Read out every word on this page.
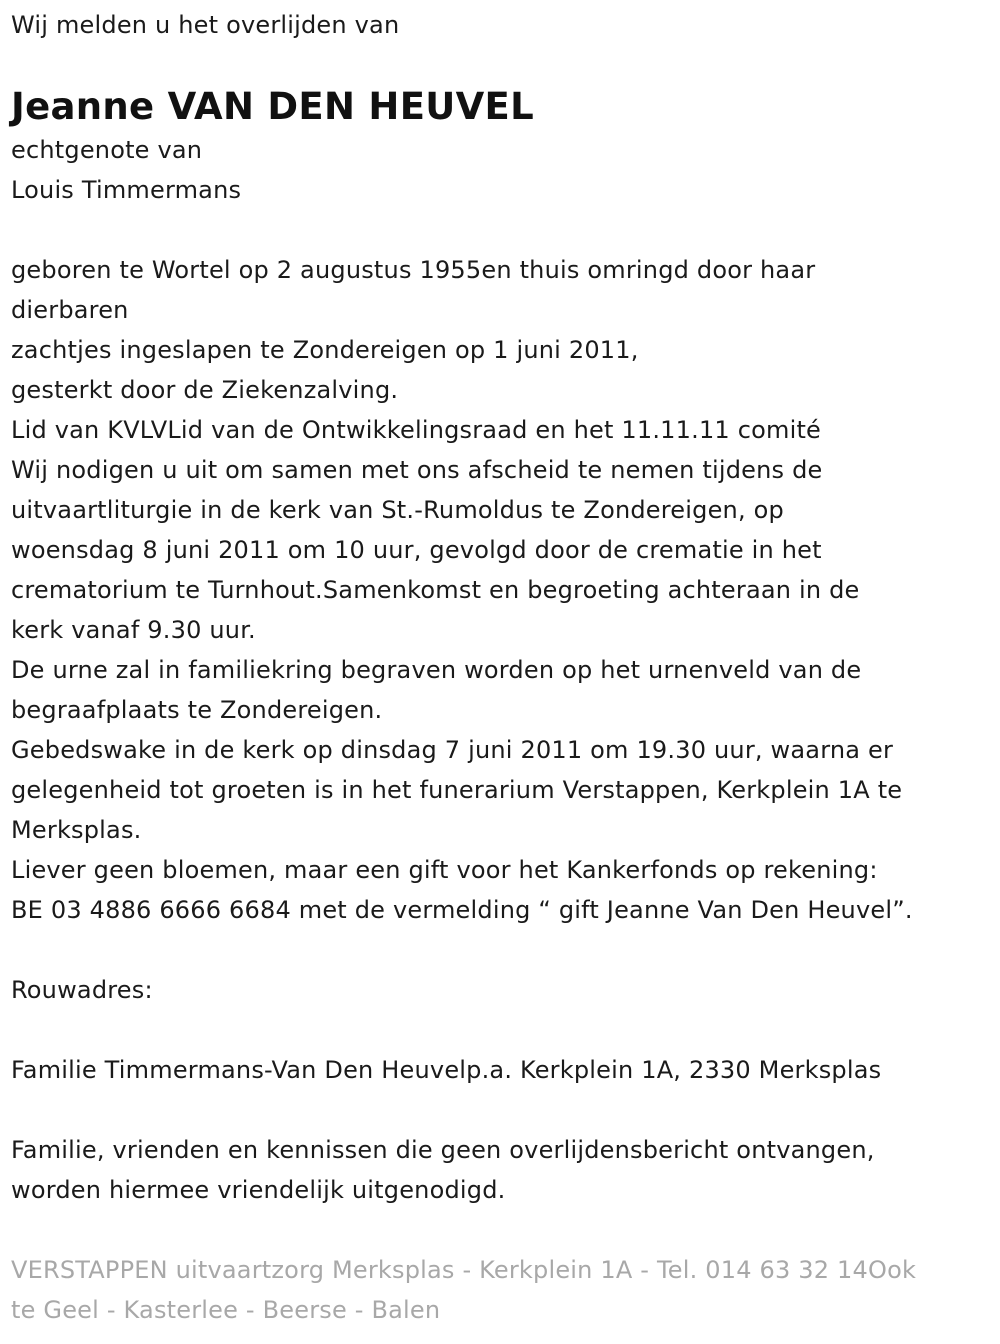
Wij melden u het overlijden van

Jeanne VAN DEN HEUVEL

echtgenote van

Louis Timmermans

geboren te Wortel op 2 augustus 1955en thuis omringd door haar

dierbaren

zachtjes ingeslapen te Zondereigen op 1 juni 2011,

gesterkt door de Ziekenzalving.

Lid van KVLVLid van de Ontwikkelingsraad en het 11.11.11 comité

Wij nodigen u uit om samen met ons afscheid te nemen tijdens de

uitvaartliturgie in de kerk van St.-Rumoldus te Zondereigen, op

woensdag 8 juni 2011 om 10 uur, gevolgd door de crematie in het

crematorium te Turnhout.Samenkomst en begroeting achteraan in de

kerk vanaf 9.30 uur.

De urne zal in familiekring begraven worden op het urnenveld van de

begraafplaats te Zondereigen.

Gebedswake in de kerk op dinsdag 7 juni 2011 om 19.30 uur, waarna er

gelegenheid tot groeten is in het funerarium Verstappen, Kerkplein 1A te

Merksplas.

Liever geen bloemen, maar een gift voor het Kankerfonds op rekening:

BE 03 4886 6666 6684 met de vermelding “ gift Jeanne Van Den Heuvel”.

Rouwadres:

Familie Timmermans-Van Den Heuvelp.a. Kerkplein 1A, 2330 Merksplas

Familie, vrienden en kennissen die geen overlijdensbericht ontvangen,

worden hiermee vriendelijk uitgenodigd.

VERSTAPPEN uitvaartzorg Merksplas - Kerkplein 1A - Tel. 014 63 32 14Ook

te Geel - Kasterlee - Beerse - Balen
